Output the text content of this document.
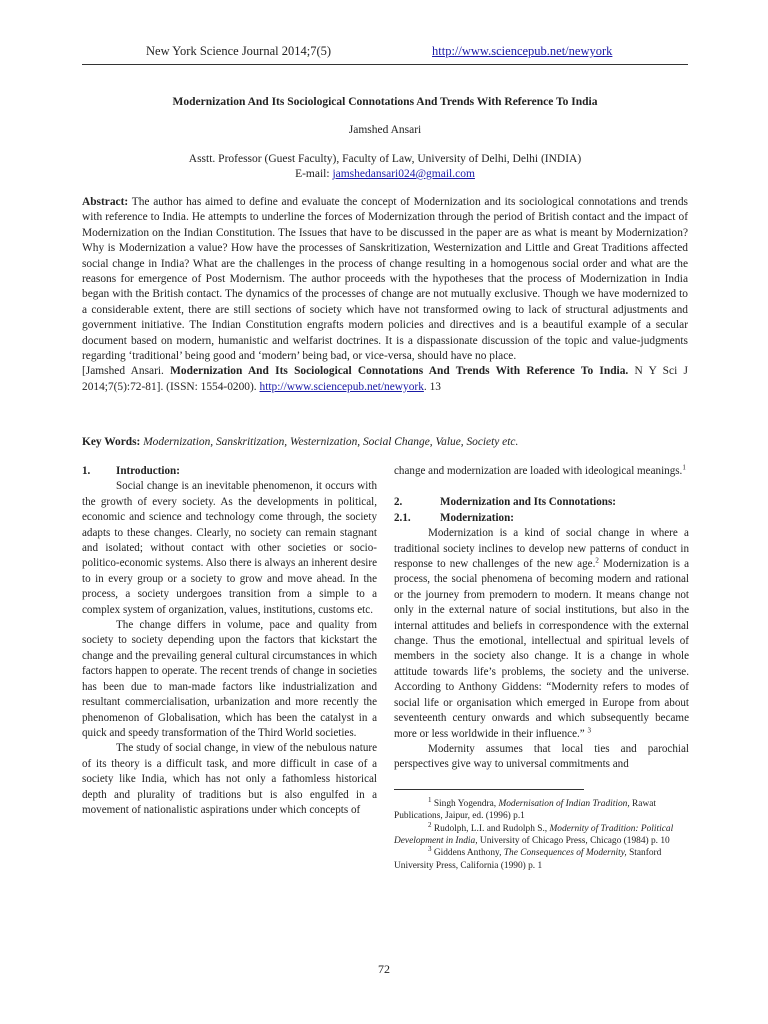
New York Science Journal 2014;7(5)	http://www.sciencepub.net/newyork
Modernization And Its Sociological Connotations And Trends With Reference To India
Jamshed Ansari
Asstt. Professor (Guest Faculty), Faculty of Law, University of Delhi, Delhi (INDIA)
E-mail: jamshedansari024@gmail.com
Abstract: The author has aimed to define and evaluate the concept of Modernization and its sociological connotations and trends with reference to India. He attempts to underline the forces of Modernization through the period of British contact and the impact of Modernization on the Indian Constitution. The Issues that have to be discussed in the paper are as what is meant by Modernization? Why is Modernization a value? How have the processes of Sanskritization, Westernization and Little and Great Traditions affected social change in India? What are the challenges in the process of change resulting in a homogenous social order and what are the reasons for emergence of Post Modernism. The author proceeds with the hypotheses that the process of Modernization in India began with the British contact. The dynamics of the processes of change are not mutually exclusive. Though we have modernized to a considerable extent, there are still sections of society which have not transformed owing to lack of structural adjustments and government initiative. The Indian Constitution engrafts modern policies and directives and is a beautiful example of a secular document based on modern, humanistic and welfarist doctrines. It is a dispassionate discussion of the topic and value-judgments regarding ‘traditional’ being good and ‘modern’ being bad, or vice-versa, should have no place.
[Jamshed Ansari. Modernization And Its Sociological Connotations And Trends With Reference To India. N Y Sci J 2014;7(5):72-81]. (ISSN: 1554-0200). http://www.sciencepub.net/newyork. 13
Key Words: Modernization, Sanskritization, Westernization, Social Change, Value, Society etc.
1. Introduction:

Social change is an inevitable phenomenon, it occurs with the growth of every society. As the developments in political, economic and science and technology come through, the society adapts to these changes. Clearly, no society can remain stagnant and isolated; without contact with other societies or socio-politico-economic systems. Also there is always an inherent desire to in every group or a society to grow and move ahead. In the process, a society undergoes transition from a simple to a complex system of organization, values, institutions, customs etc.

The change differs in volume, pace and quality from society to society depending upon the factors that kickstart the change and the prevailing general cultural circumstances in which factors happen to operate. The recent trends of change in societies has been due to man-made factors like industrialization and resultant commercialisation, urbanization and more recently the phenomenon of Globalisation, which has been the catalyst in a quick and speedy transformation of the Third World societies.

The study of social change, in view of the nebulous nature of its theory is a difficult task, and more difficult in case of a society like India, which has not only a fathomless historical depth and plurality of traditions but is also engulfed in a movement of nationalistic aspirations under which concepts of

change and modernization are loaded with ideological meanings.$^1$

2.	Modernization and Its Connotations:
2.1.	Modernization:

Modernization is a kind of social change in where a traditional society inclines to develop new patterns of conduct in response to new challenges of the new age.$^2$ Modernization is a process, the social phenomena of becoming modern and rational or the journey from premodern to modern. It means change not only in the external nature of social institutions, but also in the internal attitudes and beliefs in correspondence with the external change. Thus the emotional, intellectual and spiritual levels of members in the society also change. It is a change in whole attitude towards life’s problems, the society and the universe. According to Anthony Giddens: “Modernity refers to modes of social life or organisation which emerged in Europe from about seventeenth century onwards and which subsequently became more or less worldwide in their influence.” $^3$

Modernity assumes that local ties and parochial perspectives give way to universal commitments and

$^1$ Singh Yogendra, Modernisation of Indian Tradition, Rawat Publications, Jaipur, ed. (1996) p.1

$^2$ Rudolph, L.I. and Rudolph S., Modernity of Tradition: Political Development in India, University of Chicago Press, Chicago (1984) p. 10

$^3$ Giddens Anthony, The Consequences of Modernity, Stanford University Press, California (1990) p. 1

72
